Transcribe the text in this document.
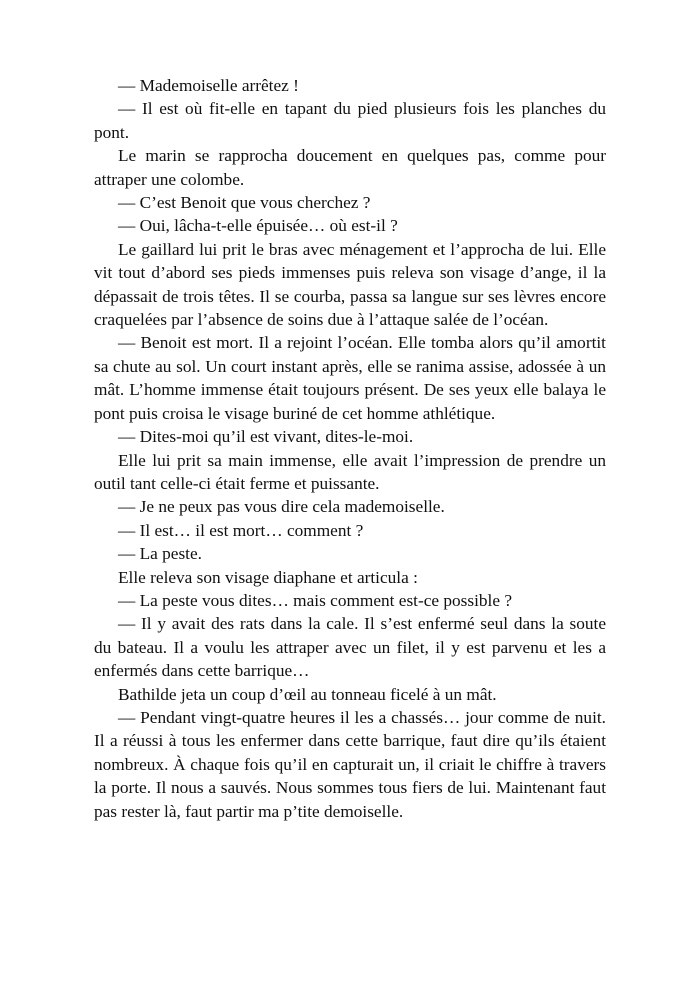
— Mademoiselle arrêtez !

— Il est où fit-elle en tapant du pied plusieurs fois les planches du pont.

Le marin se rapprocha doucement en quelques pas, comme pour attraper une colombe.

— C’est Benoit que vous cherchez ?

— Oui, lâcha-t-elle épuisée… où est-il ?

Le gaillard lui prit le bras avec ménagement et l’approcha de lui. Elle vit tout d’abord ses pieds immenses puis releva son visage d’ange, il la dépassait de trois têtes. Il se courba, passa sa langue sur ses lèvres encore craquelées par l’absence de soins due à l’attaque salée de l’océan.

— Benoit est mort. Il a rejoint l’océan. Elle tomba alors qu’il amortit sa chute au sol. Un court instant après, elle se ranima assise, adossée à un mât. L’homme immense était toujours présent. De ses yeux elle balaya le pont puis croisa le visage buriné de cet homme athlétique.

— Dites-moi qu’il est vivant, dites-le-moi.

Elle lui prit sa main immense, elle avait l’impression de prendre un outil tant celle-ci était ferme et puissante.

— Je ne peux pas vous dire cela mademoiselle.

— Il est… il est mort… comment ?

— La peste.

Elle releva son visage diaphane et articula :

— La peste vous dites… mais comment est-ce possible ?

— Il y avait des rats dans la cale. Il s’est enfermé seul dans la soute du bateau. Il a voulu les attraper avec un filet, il y est parvenu et les a enfermés dans cette barrique…

Bathilde jeta un coup d’œil au tonneau ficelé à un mât.

— Pendant vingt-quatre heures il les a chassés… jour comme de nuit. Il a réussi à tous les enfermer dans cette barrique, faut dire qu’ils étaient nombreux. À chaque fois qu’il en capturait un, il criait le chiffre à travers la porte. Il nous a sauvés. Nous sommes tous fiers de lui. Maintenant faut pas rester là, faut partir ma p’tite demoiselle.
